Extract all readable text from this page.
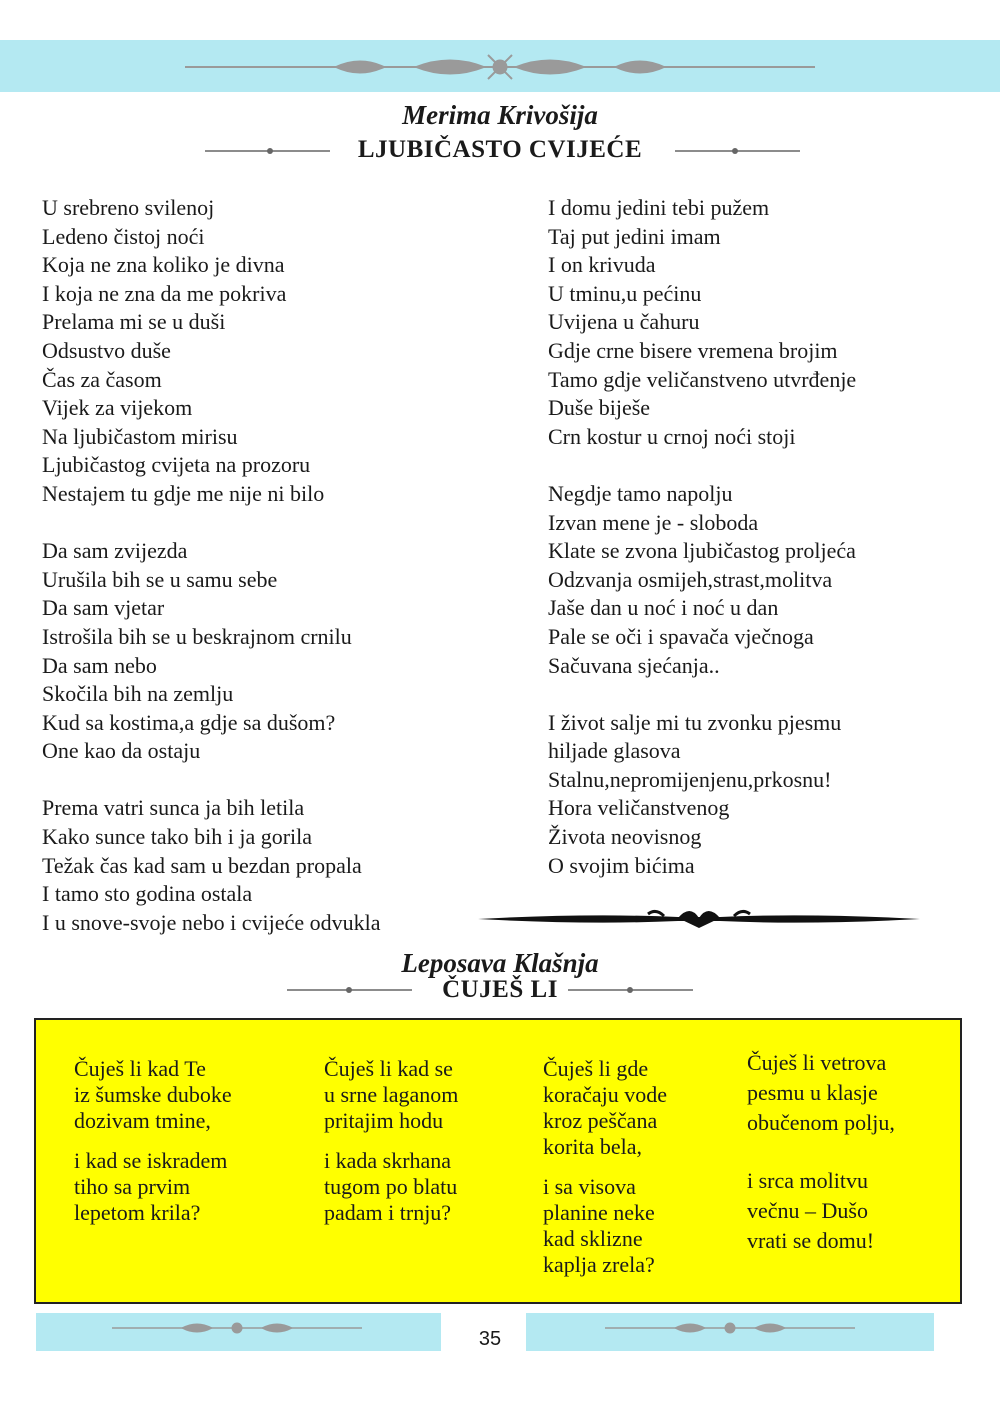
Merima Krivošija
LJUBIČASTO CVIJEĆE
U srebreno svilenoj
Ledeno čistoj noći
Koja ne zna koliko je divna
I koja ne zna da me pokriva
Prelama mi se u duši
Odsustvo duše
Čas za časom
Vijek za vijekom
Na ljubičastom mirisu
Ljubičastog cvijeta na prozoru
Nestajem tu gdje me nije ni bilo
Da sam zvijezda
Urušila bih se u samu sebe
Da sam vjetar
Istrošila bih se u beskrajnom crnilu
Da sam nebo
Skočila bih na zemlju
Kud sa kostima,a gdje sa dušom?
One kao da ostaju
Prema vatri sunca ja bih letila
Kako sunce tako bih i ja gorila
Težak čas kad sam u bezdan propala
I tamo sto godina ostala
I u snove-svoje nebo i cvijeće odvukla
I domu jedini tebi pužem
Taj put jedini imam
I on krivuda
U tminu,u pećinu
Uvijena u čahuru
Gdje crne bisere vremena brojim
Tamo gdje veličanstveno utvrđenje
Duše biješe
Crn kostur u crnoj noći stoji
Negdje tamo napolju
Izvan mene je - sloboda
Klate se zvona ljubičastog proljeća
Odzvanja osmijeh,strast,molitva
Jaše dan u noć i noć u dan
Pale se oči i spavača vječnoga
Sačuvana sjećanja..
I život salje mi tu zvonku pjesmu
hiljade glasova
Stalnu,nepromijenjenu,prkosnu!
Hora veličanstvenog
Života neovisnog
O svojim bićima
Leposava Klašnja
ČUJEŠ LI
Čuješ li kad Te
iz šumske duboke
dozivam tmine,
i kad se iskradem
tiho sa prvim
lepetom krila?
Čuješ li kad se
u srne laganom
pritajim hodu
i kada skrhana
tugom po blatu
padam i trnju?
Čuješ li gde
koračaju vode
kroz peščana
korita bela,
i sa visova
planine neke
kad sklizne
kaplja zrela?
Čuješ li vetrova
pesmu u klasje
obučenom polju,
i srca molitvu
večnu – Dušo
vrati se domu!
35
